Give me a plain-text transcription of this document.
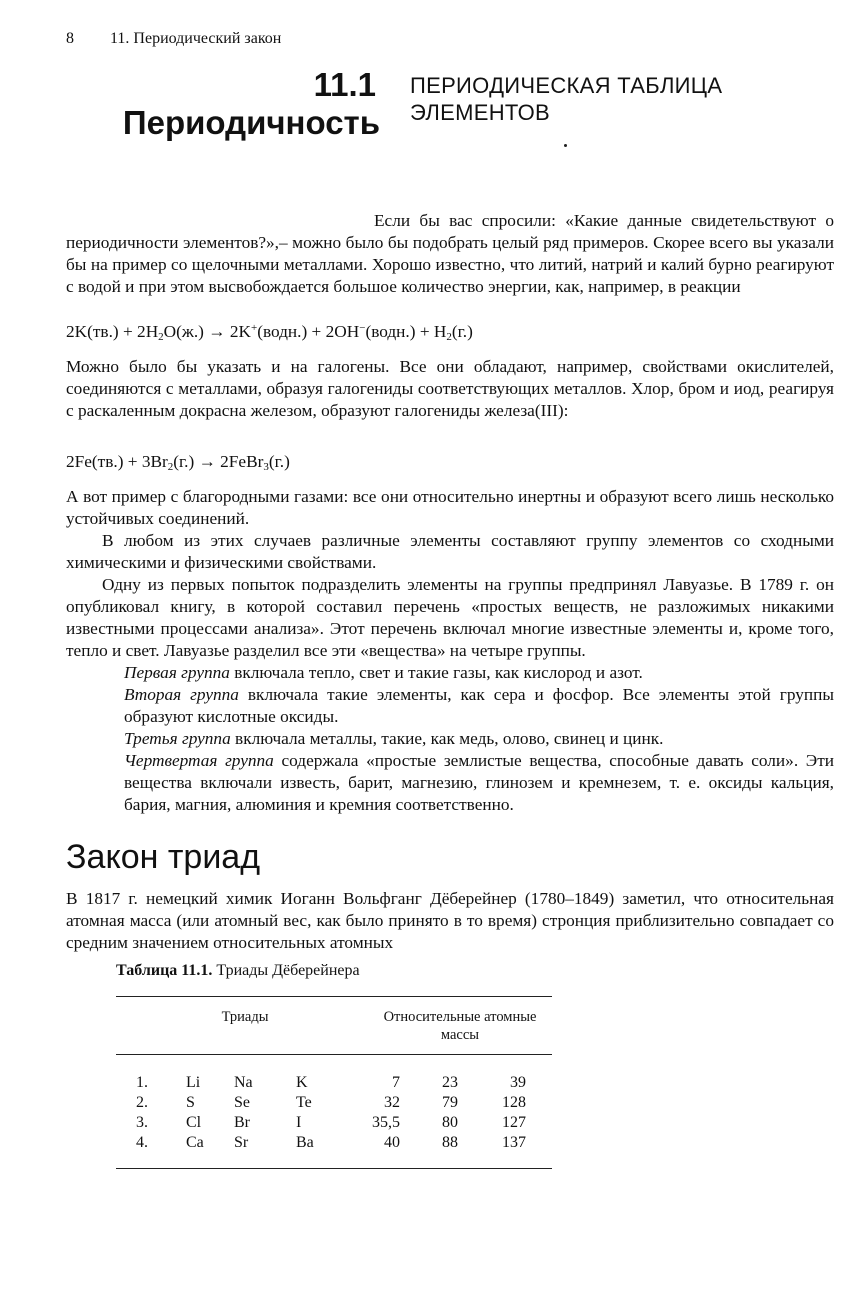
8 11. Периодический закон
11.1
Периодичность
ПЕРИОДИЧЕСКАЯ ТАБЛИЦА
ЭЛЕМЕНТОВ

Если бы вас спросили: «Какие данные свидетельствуют о периодичности элементов?»,– можно было бы подобрать целый ряд примеров. Скорее всего вы указали бы на пример со щелочными металлами. Хорошо известно, что литий, натрий и калий бурно реагируют с водой и при этом высвобождается большое количество энергии, как, например, в реакции

$2K(тв.) + 2H_2O(ж.)$ → 2K+(водн.) + 2OH−(водн.) + $H_2(г.)$

Можно было бы указать и на галогены. Все они обладают, например, свойствами окислителей, соединяются с металлами, образуя галогениды соответствующих металлов. Хлор, бром и иод, реагируя с раскаленным докрасна железом, образуют галогениды железа(III):

$2Fe(тв.) + 3Br_2(г.)$ → 2FeBr$_3$(г.)

А вот пример с благородными газами: все они относительно инертны и образуют всего лишь несколько устойчивых соединений.

В любом из этих случаев различные элементы составляют группу элементов со сходными химическими и физическими свойствами.

Одну из первых попыток подразделить элементы на группы предпринял Лавуазье. В 1789 г. он опубликовал книгу, в которой составил перечень «простых веществ, не разложимых никакими известными процессами анализа». Этот перечень включал многие известные элементы и, кроме того, тепло и свет. Лавуазье разделил все эти «вещества» на четыре группы.

Первая группа включала тепло, свет и такие газы, как кислород и азот.

Вторая группа включала такие элементы, как сера и фосфор. Все элементы этой группы образуют кислотные оксиды.

Третья группа включала металлы, такие, как медь, олово, свинец и цинк.

Чертвертая группа содержала «простые землистые вещества, способные давать соли». Эти вещества включали известь, барит, магнезию, глинозем и кремнезем, т. е. оксиды кальция, бария, магния, алюминия и кремния соответственно.

Закон триад

В 1817 г. немецкий химик Иоганн Вольфганг Дёберейнер (1780–1849) заметил, что относительная атомная масса (или атомный вес, как было принято в то время) стронция приблизительно совпадает со средним значением относительных атомных

Таблица 11.1. Триады Дёберейнера
Триады	Относительные атомные
массы
1. Li Na	K	7	23	39
2. S Se	Te	32	79	128
3. Cl Br	I	35,5	80	127
4. Ca Sr	Ba	40	88	137
